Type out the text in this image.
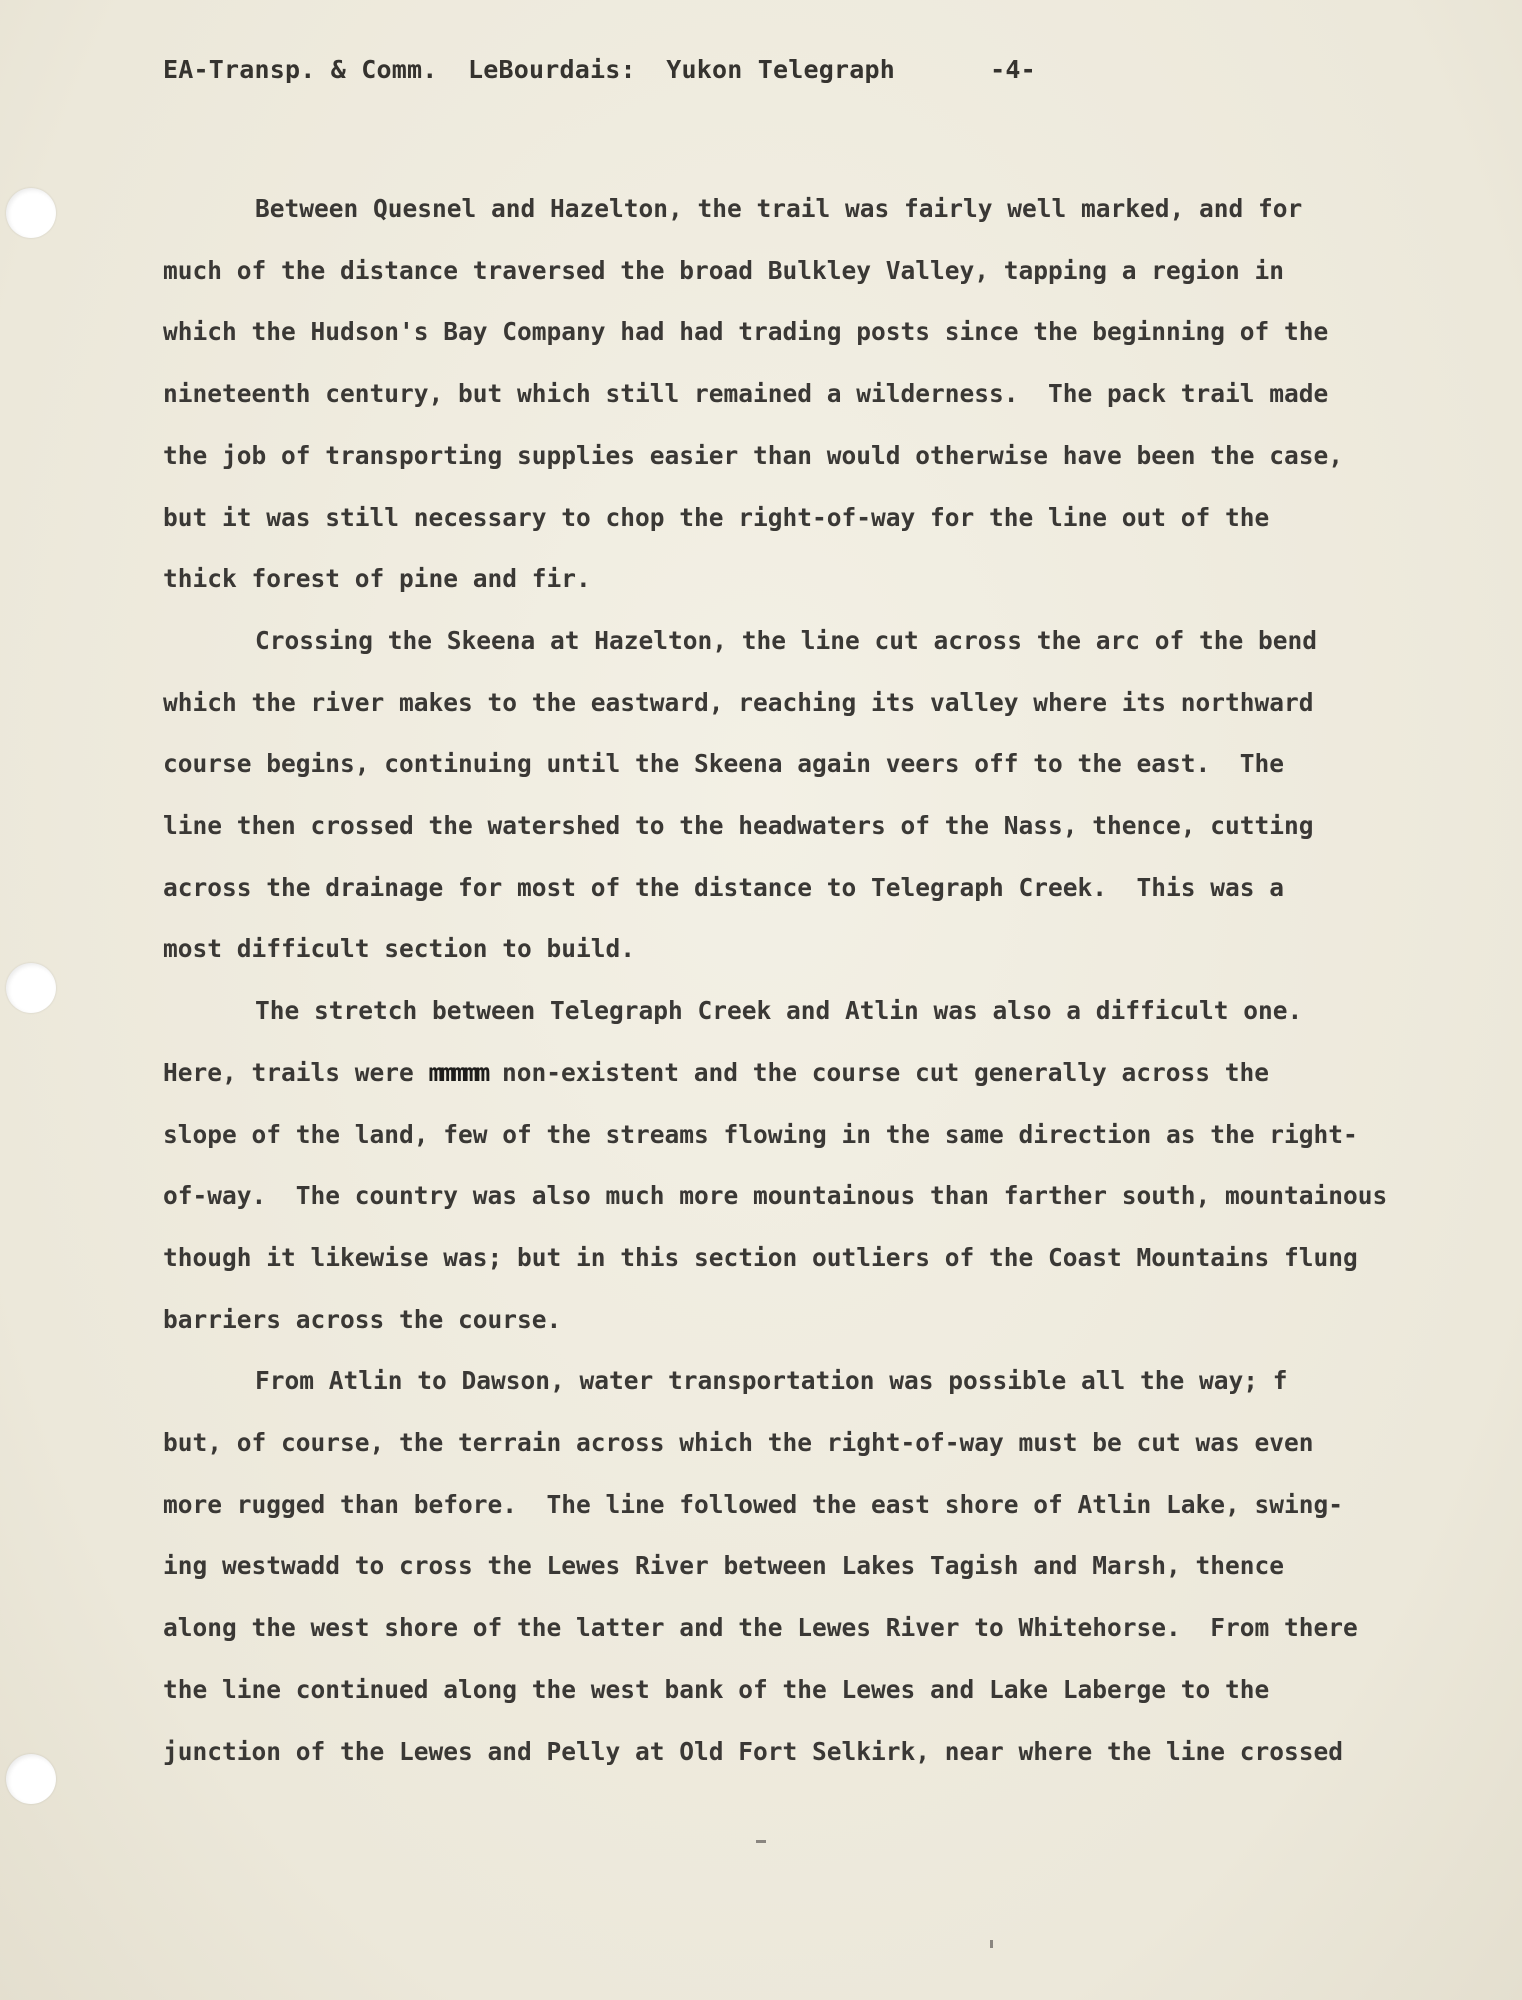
EA-Transp. & Comm.  LeBourdais:  Yukon Telegraph	-4-

Between Quesnel and Hazelton, the trail was fairly well marked, and for

much of the distance traversed the broad Bulkley Valley, tapping a region in

which the Hudson's Bay Company had had trading posts since the beginning of the

nineteenth century, but which still remained a wilderness.  The pack trail made

the job of transporting supplies easier than would otherwise have been the case,

but it was still necessary to chop the right-of-way for the line out of the

thick forest of pine and fir.

Crossing the Skeena at Hazelton, the line cut across the arc of the bend

which the river makes to the eastward, reaching its valley where its northward

course begins, continuing until the Skeena again veers off to the east.  The

line then crossed the watershed to the headwaters of the Nass, thence, cutting

across the drainage for most of the distance to Telegraph Creek.  This was a

most difficult section to build.

The stretch between Telegraph Creek and Atlin was also a difficult one.

Here, trails were mmmmm non-existent and the course cut generally across the

slope of the land, few of the streams flowing in the same direction as the right-

of-way.  The country was also much more mountainous than farther south, mountainous

though it likewise was; but in this section outliers of the Coast Mountains flung

barriers across the course.

From Atlin to Dawson, water transportation was possible all the way; f

but, of course, the terrain across which the right-of-way must be cut was even

more rugged than before.  The line followed the east shore of Atlin Lake, swing-

ing westwadd to cross the Lewes River between Lakes Tagish and Marsh, thence

along the west shore of the latter and the Lewes River to Whitehorse.  From there

the line continued along the west bank of the Lewes and Lake Laberge to the

junction of the Lewes and Pelly at Old Fort Selkirk, near where the line crossed
